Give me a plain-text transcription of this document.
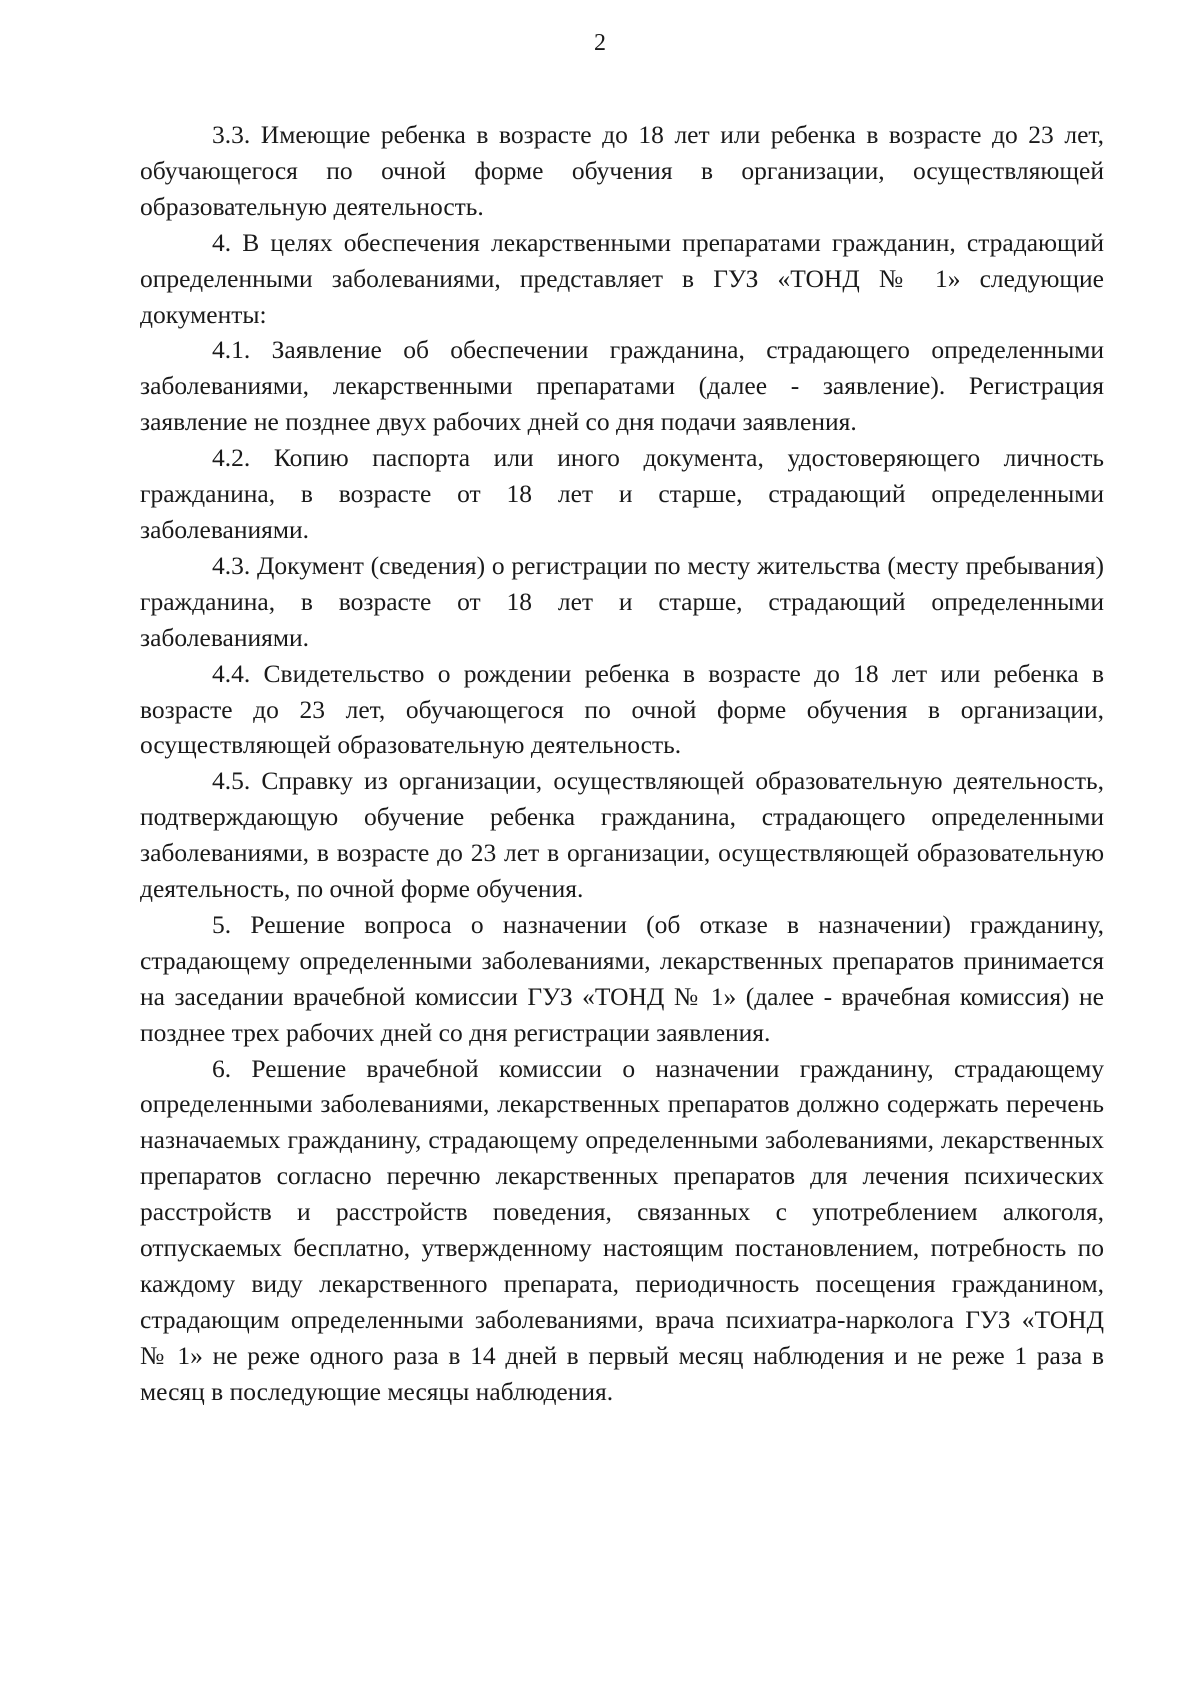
2

3.3. Имеющие ребенка в возрасте до 18 лет или ребенка в возрасте до 23 лет, обучающегося по очной форме обучения в организации, осуществляющей образовательную деятельность.

4. В целях обеспечения лекарственными препаратами гражданин, страдающий определенными заболеваниями, представляет в ГУЗ «ТОНД № 1» следующие документы:

4.1. Заявление об обеспечении гражданина, страдающего определенными заболеваниями, лекарственными препаратами (далее - заявление). Регистрация заявление не позднее двух рабочих дней со дня подачи заявления.

4.2. Копию паспорта или иного документа, удостоверяющего личность гражданина, в возрасте от 18 лет и старше, страдающий определенными заболеваниями.

4.3. Документ (сведения) о регистрации по месту жительства (месту пребывания) гражданина, в возрасте от 18 лет и старше, страдающий определенными заболеваниями.

4.4. Свидетельство о рождении ребенка в возрасте до 18 лет или ребенка в возрасте до 23 лет, обучающегося по очной форме обучения в организации, осуществляющей образовательную деятельность.

4.5. Справку из организации, осуществляющей образовательную деятельность, подтверждающую обучение ребенка гражданина, страдающего определенными заболеваниями, в возрасте до 23 лет в организации, осуществляющей образовательную деятельность, по очной форме обучения.

5. Решение вопроса о назначении (об отказе в назначении) гражданину, страдающему определенными заболеваниями, лекарственных препаратов принимается на заседании врачебной комиссии ГУЗ «ТОНД № 1» (далее - врачебная комиссия) не позднее трех рабочих дней со дня регистрации заявления.

6. Решение врачебной комиссии о назначении гражданину, страдающему определенными заболеваниями, лекарственных препаратов должно содержать перечень назначаемых гражданину, страдающему определенными заболеваниями, лекарственных препаратов согласно перечню лекарственных препаратов для лечения психических расстройств и расстройств поведения, связанных с употреблением алкоголя, отпускаемых бесплатно, утвержденному настоящим постановлением, потребность по каждому виду лекарственного препарата, периодичность посещения гражданином, страдающим определенными заболеваниями, врача психиатра-нарколога ГУЗ «ТОНД № 1» не реже одного раза в 14 дней в первый месяц наблюдения и не реже 1 раза в месяц в последующие месяцы наблюдения.
